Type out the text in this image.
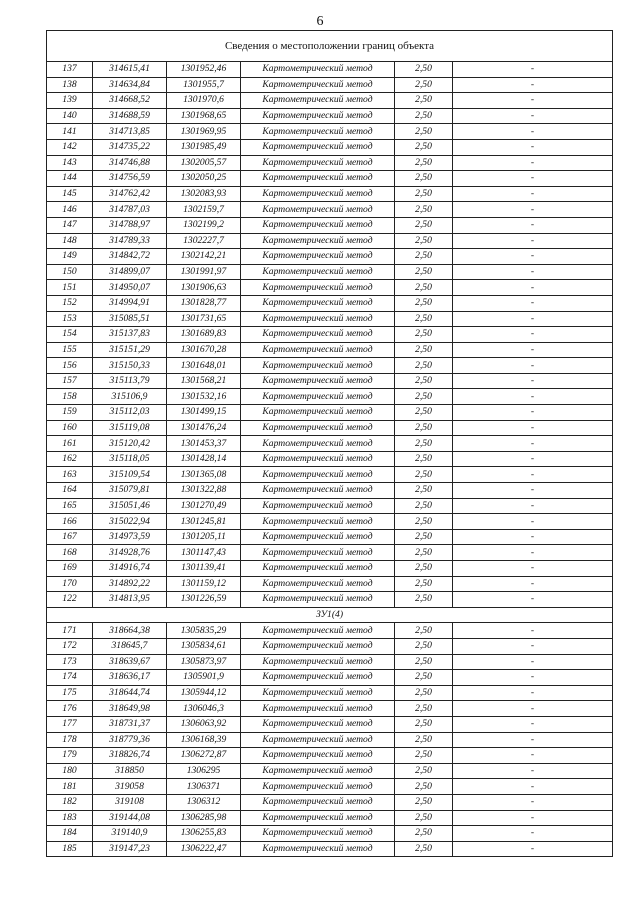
6
Сведения о местоположении границ объекта					
137	314615,41	1301952,46	Картометрический метод	2,50	-
138	314634,84	1301955,7	Картометрический метод	2,50	-
139	314668,52	1301970,6	Картометрический метод	2,50	-
140	314688,59	1301968,65	Картометрический метод	2,50	-
141	314713,85	1301969,95	Картометрический метод	2,50	-
142	314735,22	1301985,49	Картометрический метод	2,50	-
143	314746,88	1302005,57	Картометрический метод	2,50	-
144	314756,59	1302050,25	Картометрический метод	2,50	-
145	314762,42	1302083,93	Картометрический метод	2,50	-
146	314787,03	1302159,7	Картометрический метод	2,50	-
147	314788,97	1302199,2	Картометрический метод	2,50	-
148	314789,33	1302227,7	Картометрический метод	2,50	-
149	314842,72	1302142,21	Картометрический метод	2,50	-
150	314899,07	1301991,97	Картометрический метод	2,50	-
151	314950,07	1301906,63	Картометрический метод	2,50	-
152	314994,91	1301828,77	Картометрический метод	2,50	-
153	315085,51	1301731,65	Картометрический метод	2,50	-
154	315137,83	1301689,83	Картометрический метод	2,50	-
155	315151,29	1301670,28	Картометрический метод	2,50	-
156	315150,33	1301648,01	Картометрический метод	2,50	-
157	315113,79	1301568,21	Картометрический метод	2,50	-
158	315106,9	1301532,16	Картометрический метод	2,50	-
159	315112,03	1301499,15	Картометрический метод	2,50	-
160	315119,08	1301476,24	Картометрический метод	2,50	-
161	315120,42	1301453,37	Картометрический метод	2,50	-
162	315118,05	1301428,14	Картометрический метод	2,50	-
163	315109,54	1301365,08	Картометрический метод	2,50	-
164	315079,81	1301322,88	Картометрический метод	2,50	-
165	315051,46	1301270,49	Картометрический метод	2,50	-
166	315022,94	1301245,81	Картометрический метод	2,50	-
167	314973,59	1301205,11	Картометрический метод	2,50	-
168	314928,76	1301147,43	Картометрический метод	2,50	-
169	314916,74	1301139,41	Картометрический метод	2,50	-
170	314892,22	1301159,12	Картометрический метод	2,50	-
122	314813,95	1301226,59	Картометрический метод	2,50	-
ЗУ1(4)					
171	318664,38	1305835,29	Картометрический метод	2,50	-
172	318645,7	1305834,61	Картометрический метод	2,50	-
173	318639,67	1305873,97	Картометрический метод	2,50	-
174	318636,17	1305901,9	Картометрический метод	2,50	-
175	318644,74	1305944,12	Картометрический метод	2,50	-
176	318649,98	1306046,3	Картометрический метод	2,50	-
177	318731,37	1306063,92	Картометрический метод	2,50	-
178	318779,36	1306168,39	Картометрический метод	2,50	-
179	318826,74	1306272,87	Картометрический метод	2,50	-
180	318850	1306295	Картометрический метод	2,50	-
181	319058	1306371	Картометрический метод	2,50	-
182	319108	1306312	Картометрический метод	2,50	-
183	319144,08	1306285,98	Картометрический метод	2,50	-
184	319140,9	1306255,83	Картометрический метод	2,50	-
185	319147,23	1306222,47	Картометрический метод	2,50	-
